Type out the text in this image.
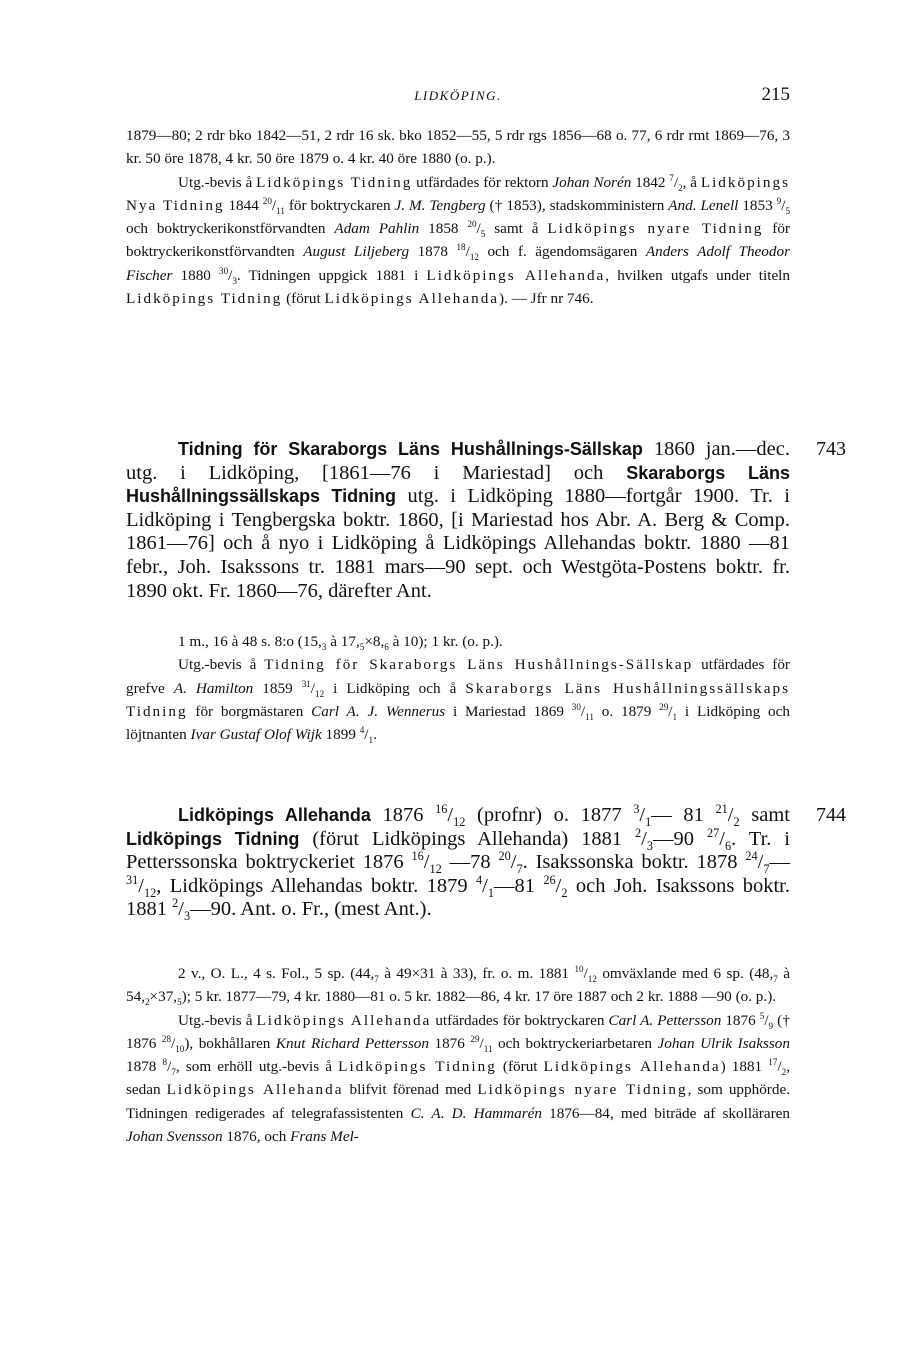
LIDKÖPING.	215

1879—80; 2 rdr bko 1842—51, 2 rdr 16 sk. bko 1852—55, 5 rdr rgs 1856—68 o. 77, 6 rdr rmt 1869—76, 3 kr. 50 öre 1878, 4 kr. 50 öre 1879 o. 4 kr. 40 öre 1880 (o. p.).

Utg.-bevis å Lidköpings Tidning utfärdades för rektorn Johan Norén 1842 $^7/_2$, å Lidköpings Nya Tidning 1844 $^{20}/_{11}$ för boktryckaren J. M. Tengberg († 1853), stadskomministern And. Lenell 1853 $^9/_5$ och boktryckerikonstförvandten Adam Pahlin 1858 $^{20}/_5$ samt å Lidköpings nyare Tidning för boktryckerikonstförvandten August Liljeberg 1878 $^{18}/_{12}$ och f. ägendomsägaren Anders Adolf Theodor Fischer 1880 $^{30}/_3$. Tidningen uppgick 1881 i Lidköpings Allehanda, hvilken utgafs under titeln Lidköpings Tidning (förut Lidköpings Allehanda). — Jfr nr 746.

743

Tidning för Skaraborgs Läns Hushållnings-Sällskap 1860 jan.—dec. utg. i Lidköping, [1861—76 i Mariestad] och Skaraborgs Läns Hushållningssällskaps Tidning utg. i Lidköping 1880—fortgår 1900. Tr. i Lidköping i Tengbergska boktr. 1860, [i Mariestad hos Abr. A. Berg & Comp. 1861—76] och å nyo i Lidköping å Lidköpings Allehandas boktr. 1880 —81 febr., Joh. Isakssons tr. 1881 mars—90 sept. och Westgöta-Postens boktr. fr. 1890 okt. Fr. 1860—76, därefter Ant.

1 m., 16 à 48 s. 8:o ($15,_3$ à $17,_5\times 8,_6$ à 10); 1 kr. (o. p.).

Utg.-bevis å Tidning för Skaraborgs Läns Hushållnings-Sällskap utfärdades för grefve A. Hamilton 1859 $^{31}/_{12}$ i Lidköping och å Skaraborgs Läns Hushållningssällskaps Tidning för borgmästaren Carl A. J. Wennerus i Mariestad 1869 $^{30}/_{11}$ o. 1879 $^{29}/_1$ i Lidköping och löjtnanten Ivar Gustaf Olof Wijk 1899 $^4/_1$.

744

Lidköpings Allehanda 1876 $^{16}/_{12}$ (profnr) o. 1877 $^3/_1—$ 81 $^{21}/_2$ samt Lidköpings Tidning (förut Lidköpings Allehanda) 1881 $^2/_3—90$ $^{27}/_6$. Tr. i Petterssonska boktryckeriet 1876 $^{16}/_{12}$ —78 $^{20}/_7$. Isakssonska boktr. 1878 $^{24}/_7—^{31}/_{12}$, Lidköpings Allehandas boktr. 1879 $^4/_1—81$ $^{26}/_2$ och Joh. Isakssons boktr. 1881 $^2/_3—90$. Ant. o. Fr., (mest Ant.).

2 v., O. L., 4 s. Fol., 5 sp. ($44,_7$ à 49×31 à 33), fr. o. m. 1881 $^{10}/_{12}$ omväxlande med 6 sp. ($48,_7$ à $54,_2\times 37,_5$); 5 kr. 1877—79, 4 kr. 1880—81 o. 5 kr. 1882—86, 4 kr. 17 öre 1887 och 2 kr. 1888 —90 (o. p.).

Utg.-bevis å Lidköpings Allehanda utfärdades för boktryckaren Carl A. Pettersson 1876 $^5/_9$ († 1876 $^{28}/_{10}$), bokhållaren Knut Richard Pettersson 1876 $^{29}/_{11}$ och boktryckeriarbetaren Johan Ulrik Isaksson 1878 $^8/_7$, som erhöll utg.-bevis å Lidköpings Tidning (förut Lidköpings Allehanda) 1881 $^{17}/_2$, sedan Lidköpings Allehanda blifvit förenad med Lidköpings nyare Tidning, som upphörde. Tidningen redigerades af telegrafassistenten C. A. D. Hammarén 1876—84, med biträde af skolläraren Johan Svensson 1876, och Frans Mel-
